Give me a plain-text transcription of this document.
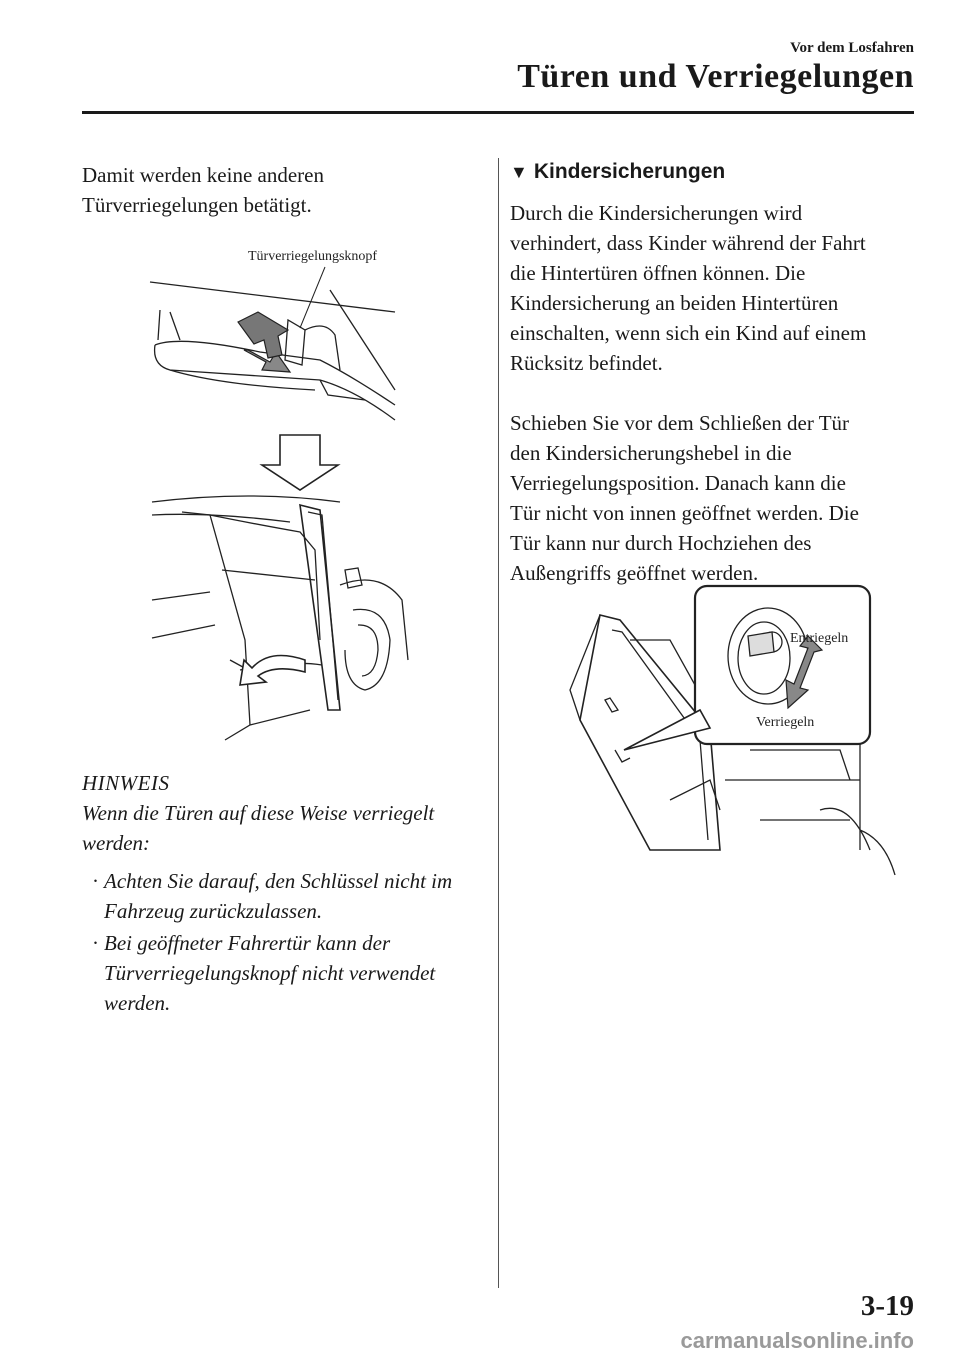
Vor dem Losfahren
Türen und Verriegelungen

Damit werden keine anderen
Türverriegelungen betätigt.

Türverriegelungsknopf
HINWEIS
Wenn die Türen auf diese Weise verriegelt werden:
· Achten Sie darauf, den Schlüssel nicht im Fahrzeug zurückzulassen.
· Bei geöffneter Fahrertür kann der Türverriegelungsknopf nicht verwendet werden.
▼ Kindersicherungen

Durch die Kindersicherungen wird
verhindert, dass Kinder während der Fahrt
die Hintertüren öffnen können. Die
Kindersicherung an beiden Hintertüren
einschalten, wenn sich ein Kind auf einem
Rücksitz befindet.

Schieben Sie vor dem Schließen der Tür
den Kindersicherungshebel in die
Verriegelungsposition. Danach kann die
Tür nicht von innen geöffnet werden. Die
Tür kann nur durch Hochziehen des
Außengriffs geöffnet werden.

Entriegeln
Verriegeln
3-19
carmanualsonline.info
